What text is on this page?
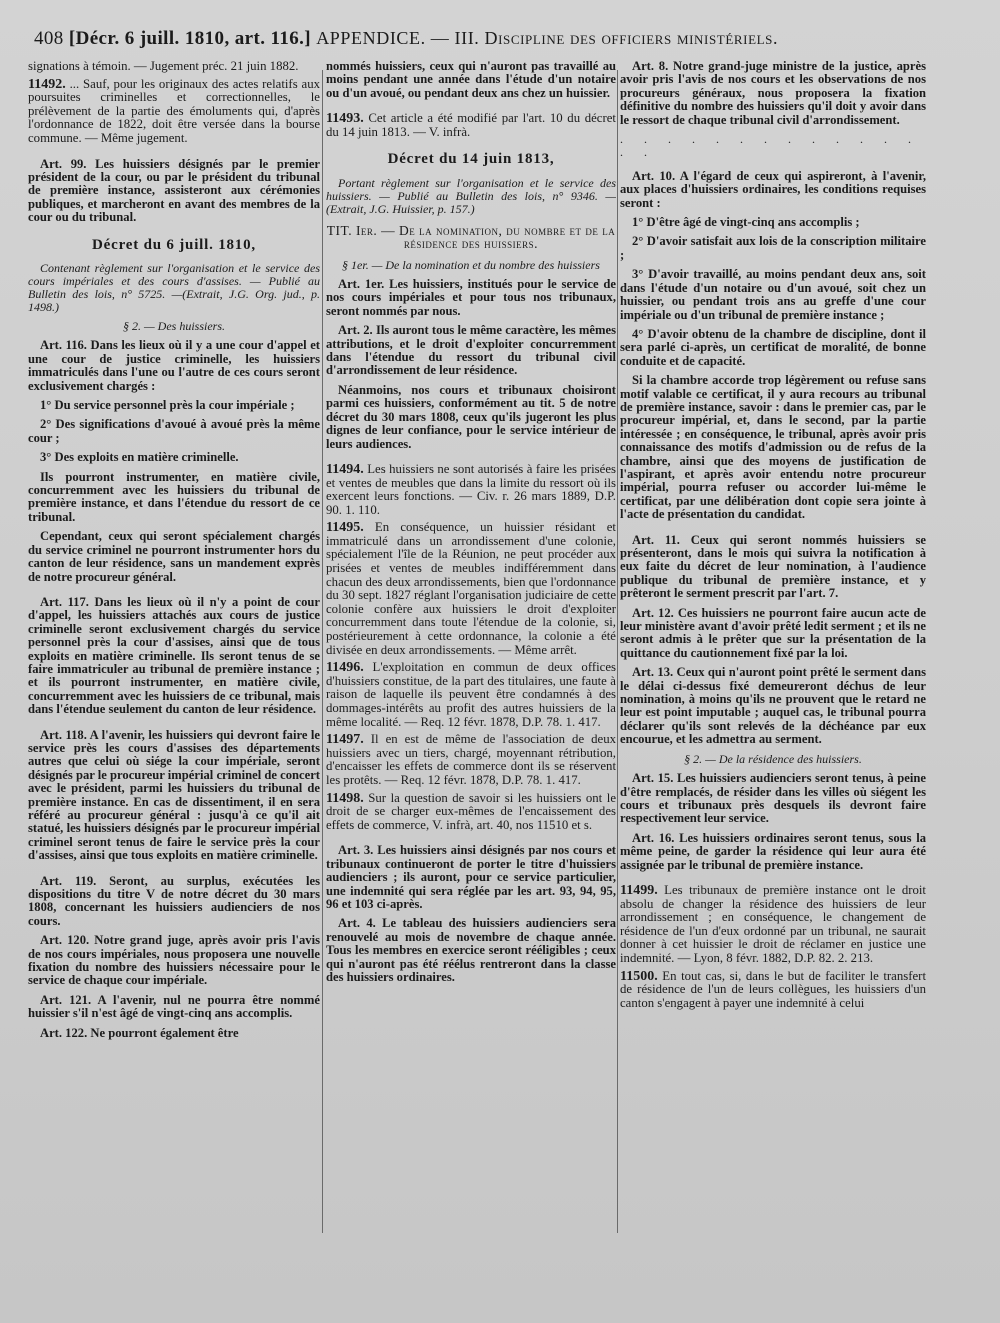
408 [Décr. 6 juill. 1810, art. 116.] APPENDICE. — III. Discipline des officiers ministériels.

signations à témoin. — Jugement préc. 21 juin 1882.

11492. ... Sauf, pour les originaux des actes relatifs aux poursuites criminelles et correctionnelles, le prélèvement de la partie des émoluments qui, d'après l'ordonnance de 1822, doit être versée dans la bourse commune. — Même jugement.

Art. 99. Les huissiers désignés par le premier président de la cour, ou par le président du tribunal de première instance, assisteront aux cérémonies publiques, et marcheront en avant des membres de la cour ou du tribunal.

Décret du 6 juill. 1810,

Contenant règlement sur l'organisation et le service des cours impériales et des cours d'assises. — Publié au Bulletin des lois, n° 5725. —(Extrait, J.G. Org. jud., p. 1498.)

§ 2. — Des huissiers.

Art. 116. Dans les lieux où il y a une cour d'appel et une cour de justice criminelle, les huissiers immatriculés dans l'une ou l'autre de ces cours seront exclusivement chargés :

1° Du service personnel près la cour impériale ;

2° Des significations d'avoué à avoué près la même cour ;

3° Des exploits en matière criminelle.

Ils pourront instrumenter, en matière civile, concurremment avec les huissiers du tribunal de première instance, et dans l'étendue du ressort de ce tribunal.

Cependant, ceux qui seront spécialement chargés du service criminel ne pourront instrumenter hors du canton de leur résidence, sans un mandement exprès de notre procureur général.

Art. 117. Dans les lieux où il n'y a point de cour d'appel, les huissiers attachés aux cours de justice criminelle seront exclusivement chargés du service personnel près la cour d'assises, ainsi que de tous exploits en matière criminelle. Ils seront tenus de se faire immatriculer au tribunal de première instance ; et ils pourront instrumenter, en matière civile, concurremment avec les huissiers de ce tribunal, mais dans l'étendue seulement du canton de leur résidence.

Art. 118. A l'avenir, les huissiers qui devront faire le service près les cours d'assises des départements autres que celui où siége la cour impériale, seront désignés par le procureur impérial criminel de concert avec le président, parmi les huissiers du tribunal de première instance. En cas de dissentiment, il en sera référé au procureur général : jusqu'à ce qu'il ait statué, les huissiers désignés par le procureur impérial criminel seront tenus de faire le service près la cour d'assises, ainsi que tous exploits en matière criminelle.

Art. 119. Seront, au surplus, exécutées les dispositions du titre V de notre décret du 30 mars 1808, concernant les huissiers audienciers de nos cours.

Art. 120. Notre grand juge, après avoir pris l'avis de nos cours impériales, nous proposera une nouvelle fixation du nombre des huissiers nécessaire pour le service de chaque cour impériale.

Art. 121. A l'avenir, nul ne pourra être nommé huissier s'il n'est âgé de vingt-cinq ans accomplis.

Art. 122. Ne pourront également être

nommés huissiers, ceux qui n'auront pas travaillé au moins pendant une année dans l'étude d'un notaire ou d'un avoué, ou pendant deux ans chez un huissier.

11493. Cet article a été modifié par l'art. 10 du décret du 14 juin 1813. — V. infrà.

Décret du 14 juin 1813,

Portant règlement sur l'organisation et le service des huissiers. — Publié au Bulletin des lois, n° 9346. — (Extrait, J.G. Huissier, p. 157.)

TIT. Ier. — De la nomination, du nombre et de la résidence des huissiers.
§ 1er. — De la nomination et du nombre des huissiers

Art. 1er. Les huissiers, institués pour le service de nos cours impériales et pour tous nos tribunaux, seront nommés par nous.

Art. 2. Ils auront tous le même caractère, les mêmes attributions, et le droit d'exploiter concurremment dans l'étendue du ressort du tribunal civil d'arrondissement de leur résidence.

Néanmoins, nos cours et tribunaux choisiront parmi ces huissiers, conformément au tit. 5 de notre décret du 30 mars 1808, ceux qu'ils jugeront les plus dignes de leur confiance, pour le service intérieur de leurs audiences.

11494. Les huissiers ne sont autorisés à faire les prisées et ventes de meubles que dans la limite du ressort où ils exercent leurs fonctions. — Civ. r. 26 mars 1889, D.P. 90. 1. 110.

11495. En conséquence, un huissier résidant et immatriculé dans un arrondissement d'une colonie, spécialement l'île de la Réunion, ne peut procéder aux prisées et ventes de meubles indifféremment dans chacun des deux arrondissements, bien que l'ordonnance du 30 sept. 1827 réglant l'organisation judiciaire de cette colonie confère aux huissiers le droit d'exploiter concurremment dans toute l'étendue de la colonie, si, postérieurement à cette ordonnance, la colonie a été divisée en deux arrondissements. — Même arrêt.

11496. L'exploitation en commun de deux offices d'huissiers constitue, de la part des titulaires, une faute à raison de laquelle ils peuvent être condamnés à des dommages-intérêts au profit des autres huissiers de la même localité. — Req. 12 févr. 1878, D.P. 78. 1. 417.

11497. Il en est de même de l'association de deux huissiers avec un tiers, chargé, moyennant rétribution, d'encaisser les effets de commerce dont ils se réservent les protêts. — Req. 12 févr. 1878, D.P. 78. 1. 417.

11498. Sur la question de savoir si les huissiers ont le droit de se charger eux-mêmes de l'encaissement des effets de commerce, V. infrà, art. 40, nos 11510 et s.

Art. 3. Les huissiers ainsi désignés par nos cours et tribunaux continueront de porter le titre d'huissiers audienciers ; ils auront, pour ce service particulier, une indemnité qui sera réglée par les art. 93, 94, 95, 96 et 103 ci-après.

Art. 4. Le tableau des huissiers audienciers sera renouvelé au mois de novembre de chaque année. Tous les membres en exercice seront rééligibles ; ceux qui n'auront pas été réélus rentreront dans la classe des huissiers ordinaires.

Art. 8. Notre grand-juge ministre de la justice, après avoir pris l'avis de nos cours et les observations de nos procureurs généraux, nous proposera la fixation définitive du nombre des huissiers qu'il doit y avoir dans le ressort de chaque tribunal civil d'arrondissement.

. . . . . . . . . . . . . . .

Art. 10. A l'égard de ceux qui aspireront, à l'avenir, aux places d'huissiers ordinaires, les conditions requises seront :

1° D'être âgé de vingt-cinq ans accomplis ;

2° D'avoir satisfait aux lois de la conscription militaire ;

3° D'avoir travaillé, au moins pendant deux ans, soit dans l'étude d'un notaire ou d'un avoué, soit chez un huissier, ou pendant trois ans au greffe d'une cour impériale ou d'un tribunal de première instance ;

4° D'avoir obtenu de la chambre de discipline, dont il sera parlé ci-après, un certificat de moralité, de bonne conduite et de capacité.

Si la chambre accorde trop légèrement ou refuse sans motif valable ce certificat, il y aura recours au tribunal de première instance, savoir : dans le premier cas, par le procureur impérial, et, dans le second, par la partie intéressée ; en conséquence, le tribunal, après avoir pris connaissance des motifs d'admission ou de refus de la chambre, ainsi que des moyens de justification de l'aspirant, et après avoir entendu notre procureur impérial, pourra refuser ou accorder lui-même le certificat, par une délibération dont copie sera jointe à l'acte de présentation du candidat.

Art. 11. Ceux qui seront nommés huissiers se présenteront, dans le mois qui suivra la notification à eux faite du décret de leur nomination, à l'audience publique du tribunal de première instance, et y prêteront le serment prescrit par l'art. 7.

Art. 12. Ces huissiers ne pourront faire aucun acte de leur ministère avant d'avoir prêté ledit serment ; et ils ne seront admis à le prêter que sur la présentation de la quittance du cautionnement fixé par la loi.

Art. 13. Ceux qui n'auront point prêté le serment dans le délai ci-dessus fixé demeureront déchus de leur nomination, à moins qu'ils ne prouvent que le retard ne leur est point imputable ; auquel cas, le tribunal pourra déclarer qu'ils sont relevés de la déchéance par eux encourue, et les admettra au serment.

§ 2. — De la résidence des huissiers.

Art. 15. Les huissiers audienciers seront tenus, à peine d'être remplacés, de résider dans les villes où siégent les cours et tribunaux près desquels ils devront faire respectivement leur service.

Art. 16. Les huissiers ordinaires seront tenus, sous la même peine, de garder la résidence qui leur aura été assignée par le tribunal de première instance.

11499. Les tribunaux de première instance ont le droit absolu de changer la résidence des huissiers de leur arrondissement ; en conséquence, le changement de résidence de l'un d'eux ordonné par un tribunal, ne saurait donner à cet huissier le droit de réclamer en justice une indemnité. — Lyon, 8 févr. 1882, D.P. 82. 2. 213.

11500. En tout cas, si, dans le but de faciliter le transfert de résidence de l'un de leurs collègues, les huissiers d'un canton s'engagent à payer une indemnité à celui
